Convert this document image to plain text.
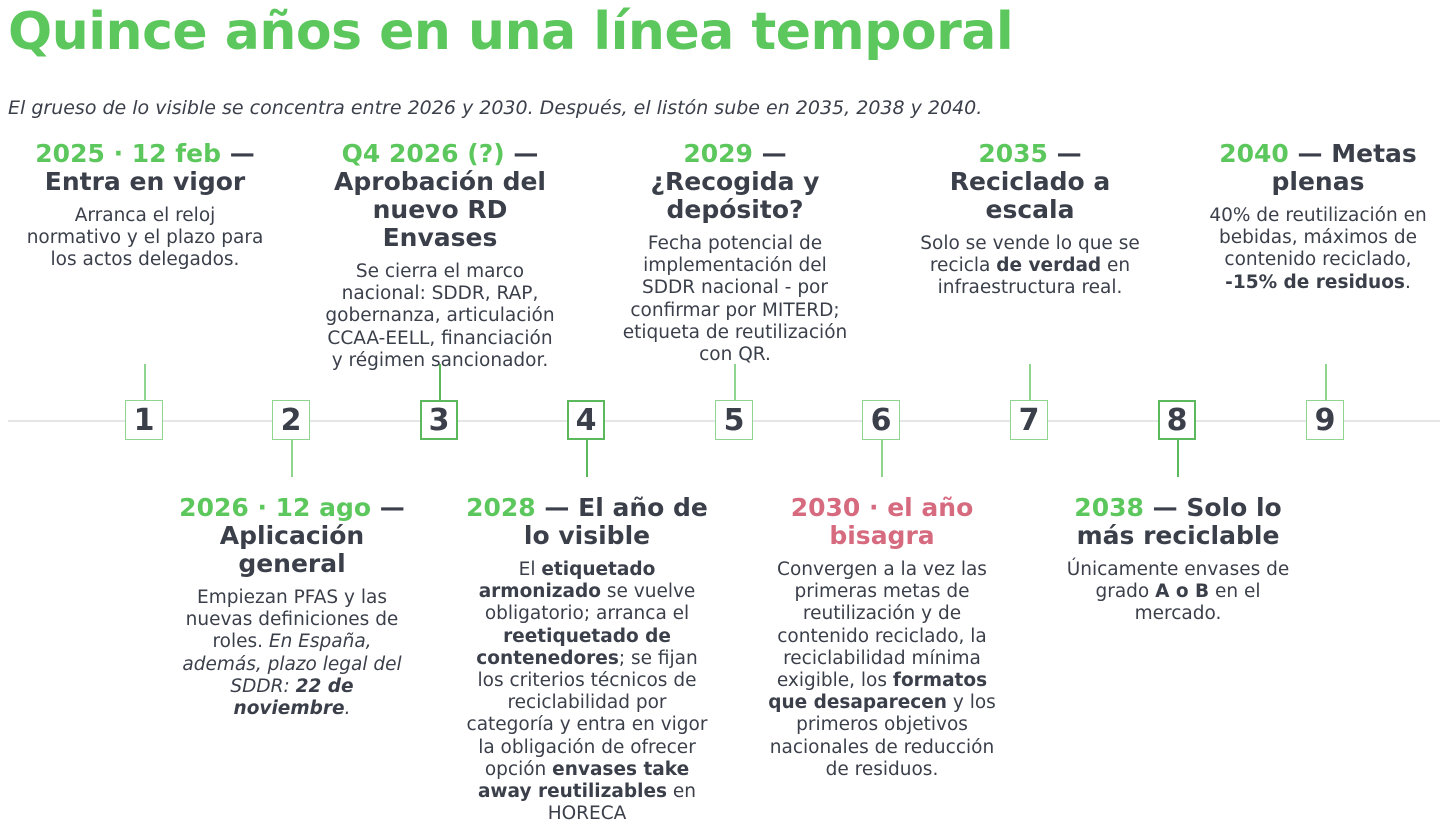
Quince años en una línea temporal
El grueso de lo visible se concentra entre 2026 y 2030. Después, el listón sube en 2035, 2038 y 2040.
1
2025 · 12 feb — Entra en vigor
Arranca el reloj normativo y el plazo para los actos delegados.
2
2026 · 12 ago — Aplicación general
Empiezan PFAS y las nuevas definiciones de roles. En España, además, plazo legal del SDDR: 22 de noviembre.
3
Q4 2026 (?) — Aprobación del nuevo RD Envases
Se cierra el marco nacional: SDDR, RAP, gobernanza, articulación CCAA-EELL, financiación y régimen sancionador.
4
2028 — El año de lo visible
El etiquetado armonizado se vuelve obligatorio; arranca el reetiquetado de contenedores; se fijan los criterios técnicos de reciclabilidad por categoría y entra en vigor la obligación de ofrecer opción envases take away reutilizables en HORECA
5
2029 — ¿Recogida y depósito?
Fecha potencial de implementación del SDDR nacional - por confirmar por MITERD; etiqueta de reutilización con QR.
6
2030 · el año bisagra
Convergen a la vez las primeras metas de reutilización y de contenido reciclado, la reciclabilidad mínima exigible, los formatos que desaparecen y los primeros objetivos nacionales de reducción de residuos.
7
2035 — Reciclado a escala
Solo se vende lo que se recicla de verdad en infraestructura real.
8
2038 — Solo lo más reciclable
Únicamente envases de grado A o B en el mercado.
9
2040 — Metas plenas
40% de reutilización en bebidas, máximos de contenido reciclado, -15% de residuos.
